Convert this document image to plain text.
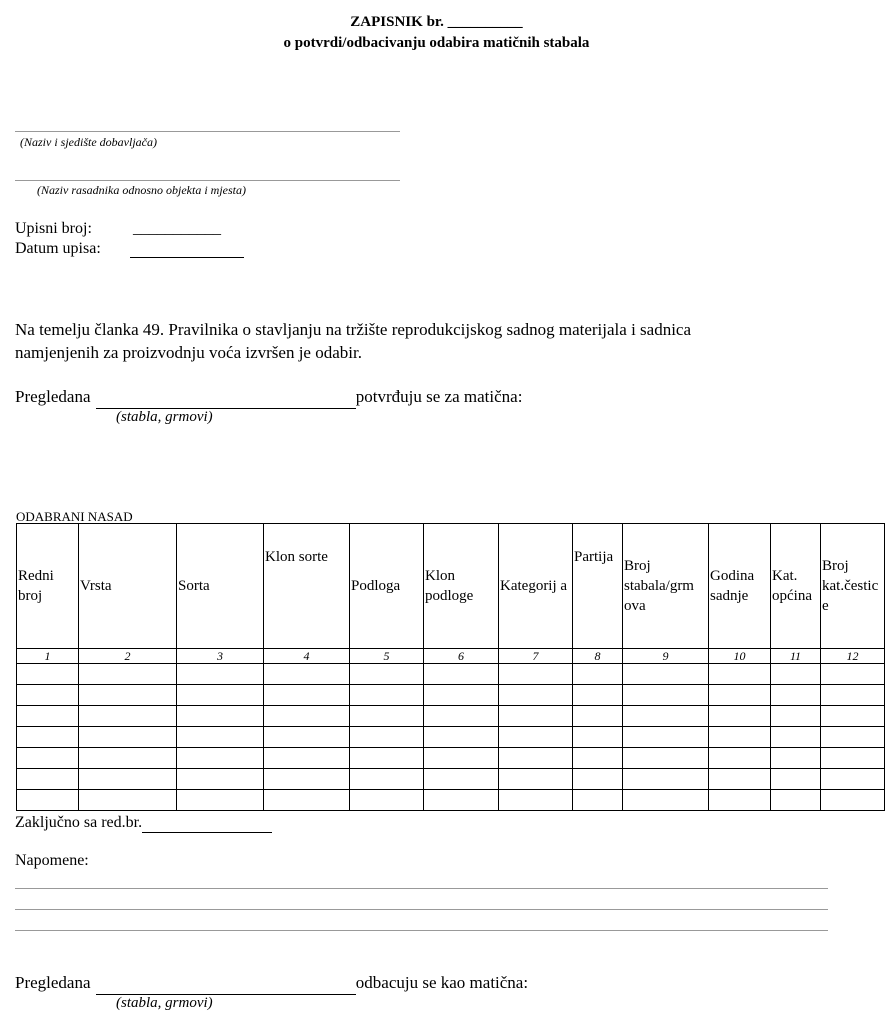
ZAPISNIK br. __________
o potvrdi/odbacivanju odabira matičnih stabala
(Naziv i sjedište dobavljača)
(Naziv rasadnika odnosno objekta i mjesta)
Upisni broj:	___________
Datum upisa:
Na temelju članka 49. Pravilnika o stavljanju na tržište reprodukcijskog sadnog materijala i sadnica
namjenjenih za proizvodnju voća izvršen je odabir.
Pregledana	potvrđuju se za matična:
(stabla, grmovi)
ODABRANI NASAD
Redni broj	Vrsta	Sorta	Klon sorte	Podloga	Klon podloge	Kategorij a	Partija	Broj stabala/grm ova	Godina sadnje	Kat. općina	Broj kat.čestice
1	2	3	4	5	6	7	8	9	10	11	12

Zaključno sa red.br.
Napomene:
Pregledana	odbacuju se kao matična:
(stabla, grmovi)
